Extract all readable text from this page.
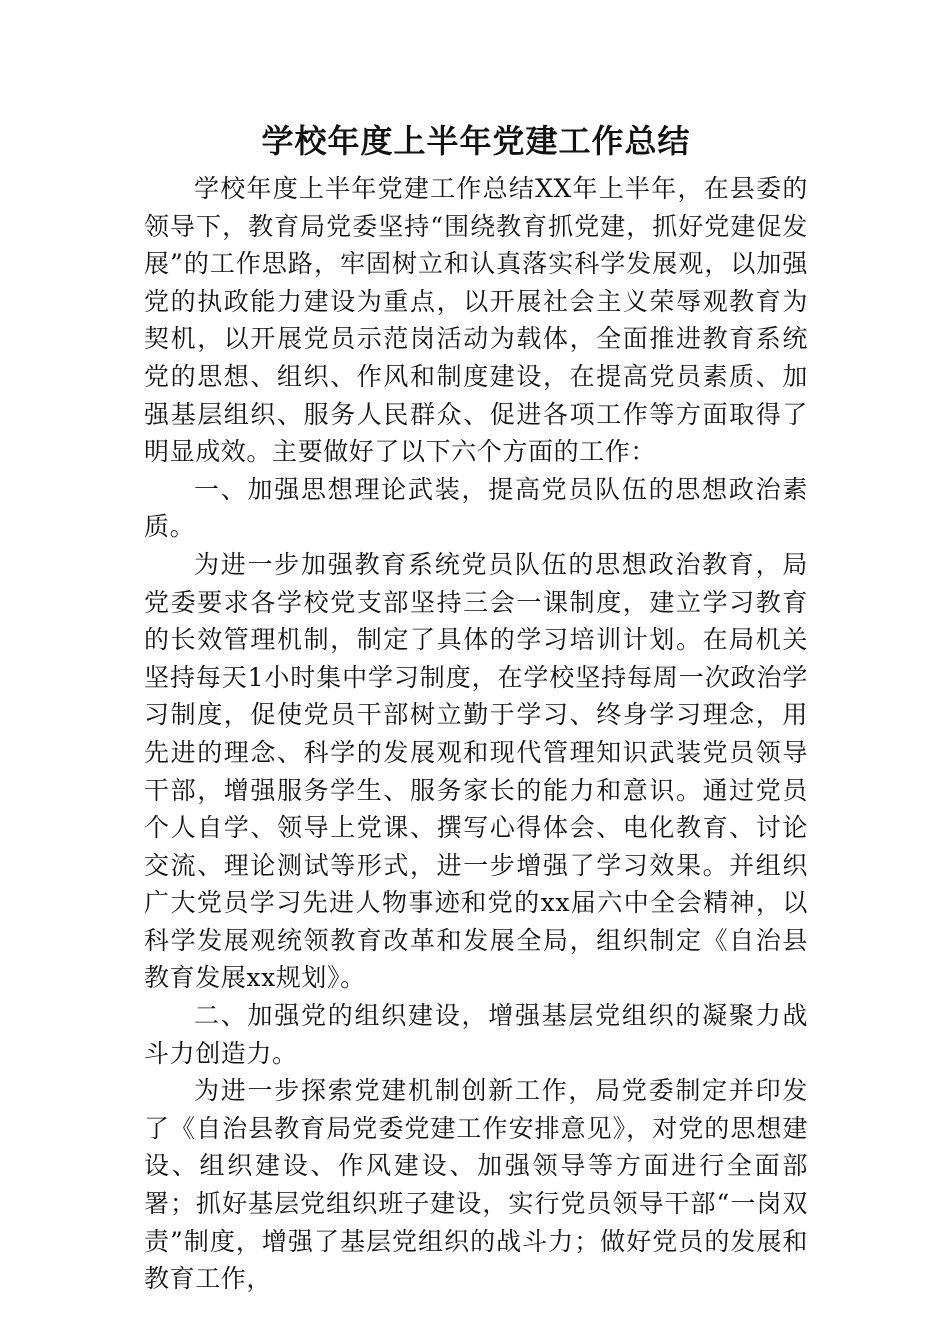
学校年度上半年党建工作总结

学校年度上半年党建工作总结XX年上半年，在县委的领导下，教育局党委坚持“围绕教育抓党建，抓好党建促发展”的工作思路，牢固树立和认真落实科学发展观，以加强党的执政能力建设为重点，以开展社会主义荣辱观教育为契机，以开展党员示范岗活动为载体，全面推进教育系统党的思想、组织、作风和制度建设，在提高党员素质、加强基层组织、服务人民群众、促进各项工作等方面取得了明显成效。主要做好了以下六个方面的工作：

一、加强思想理论武装，提高党员队伍的思想政治素质。

为进一步加强教育系统党员队伍的思想政治教育，局党委要求各学校党支部坚持三会一课制度，建立学习教育的长效管理机制，制定了具体的学习培训计划。在局机关坚持每天1小时集中学习制度，在学校坚持每周一次政治学习制度，促使党员干部树立勤于学习、终身学习理念，用先进的理念、科学的发展观和现代管理知识武装党员领导干部，增强服务学生、服务家长的能力和意识。通过党员个人自学、领导上党课、撰写心得体会、电化教育、讨论交流、理论测试等形式，进一步增强了学习效果。并组织广大党员学习先进人物事迹和党的xx届六中全会精神，以科学发展观统领教育改革和发展全局，组织制定《自治县教育发展xx规划》。

二、加强党的组织建设，增强基层党组织的凝聚力战斗力创造力。

为进一步探索党建机制创新工作，局党委制定并印发了《自治县教育局党委党建工作安排意见》，对党的思想建设、组织建设、作风建设、加强领导等方面进行全面部署；抓好基层党组织班子建设，实行党员领导干部“一岗双责”制度，增强了基层党组织的战斗力；做好党员的发展和教育工作，
